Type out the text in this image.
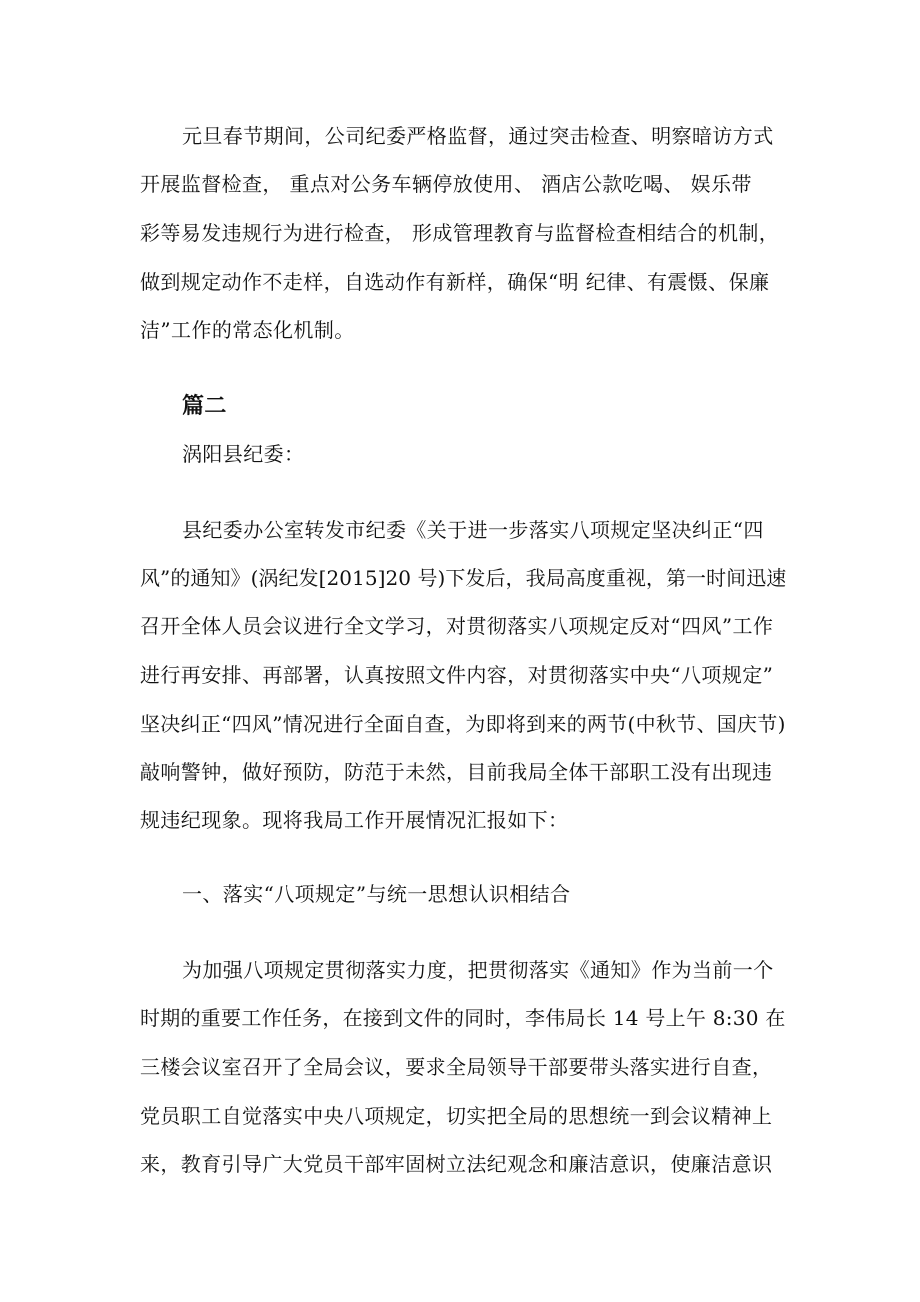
元旦春节期间，公司纪委严格监督，通过突击检查、明察暗访方式
开展监督检查， 重点对公务车辆停放使用、 酒店公款吃喝、 娱乐带
彩等易发违规行为进行检查， 形成管理教育与监督检查相结合的机制，
做到规定动作不走样，自选动作有新样，确保“明 纪律、有震慑、保廉
洁”工作的常态化机制。
篇二
涡阳县纪委：
县纪委办公室转发市纪委《关于进一步落实八项规定坚决纠正“四
风”的通知》(涡纪发[2015]20 号)下发后，我局高度重视，第一时间迅速
召开全体人员会议进行全文学习，对贯彻落实八项规定反对“四风”工作
进行再安排、再部署，认真按照文件内容，对贯彻落实中央“八项规定”
坚决纠正“四风”情况进行全面自查，为即将到来的两节(中秋节、国庆节)
敲响警钟，做好预防，防范于未然，目前我局全体干部职工没有出现违
规违纪现象。现将我局工作开展情况汇报如下：
一、落实“八项规定”与统一思想认识相结合
为加强八项规定贯彻落实力度，把贯彻落实《通知》作为当前一个
时期的重要工作任务，在接到文件的同时，李伟局长 14 号上午 8:30 在
三楼会议室召开了全局会议，要求全局领导干部要带头落实进行自查，
党员职工自觉落实中央八项规定，切实把全局的思想统一到会议精神上
来，教育引导广大党员干部牢固树立法纪观念和廉洁意识，使廉洁意识
